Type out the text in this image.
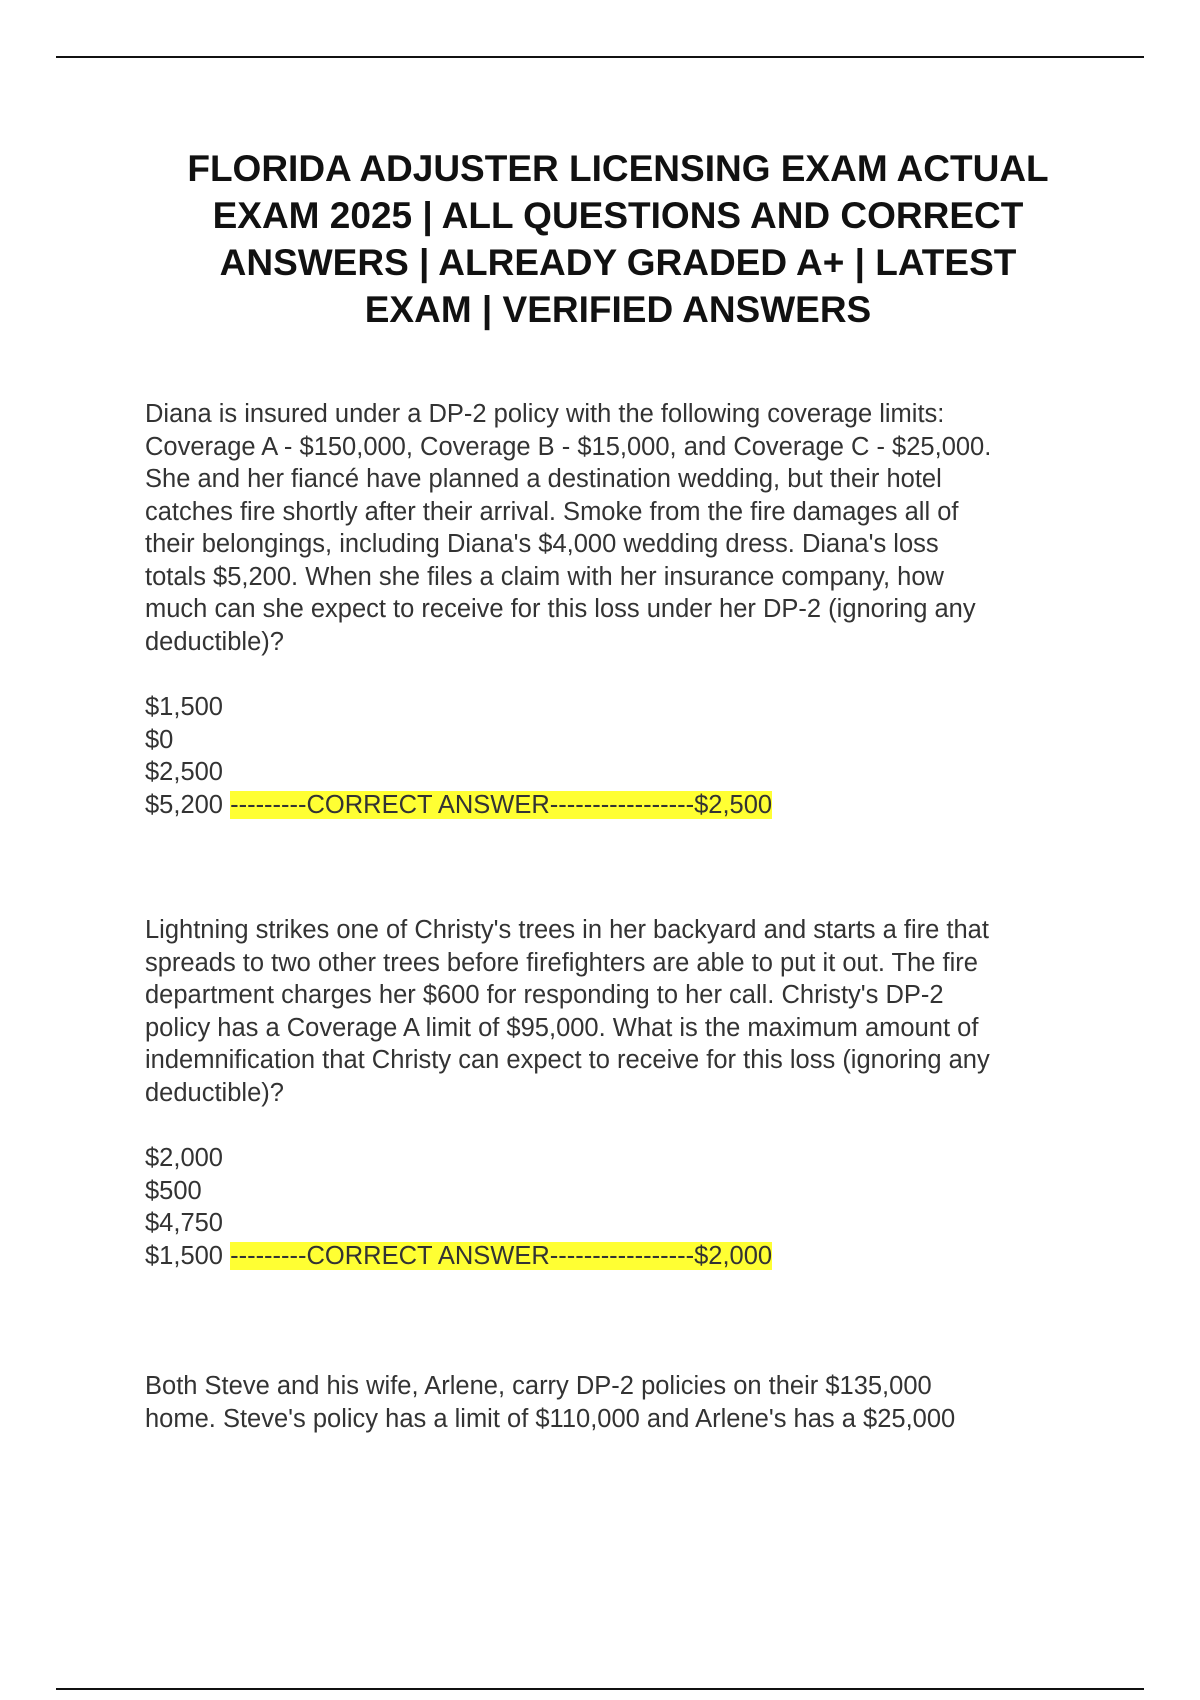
FLORIDA ADJUSTER LICENSING EXAM ACTUAL
EXAM 2025 | ALL QUESTIONS AND CORRECT
ANSWERS | ALREADY GRADED A+ | LATEST
EXAM | VERIFIED ANSWERS

Diana is insured under a DP-2 policy with the following coverage limits:
Coverage A - $150,000, Coverage B - $15,000, and Coverage C - $25,000.
She and her fiancé have planned a destination wedding, but their hotel
catches fire shortly after their arrival. Smoke from the fire damages all of
their belongings, including Diana's $4,000 wedding dress. Diana's loss
totals $5,200. When she files a claim with her insurance company, how
much can she expect to receive for this loss under her DP-2 (ignoring any
deductible)?

$1,500
$0
$2,500
$5,200 ---------CORRECT ANSWER-----------------$2,500

Lightning strikes one of Christy's trees in her backyard and starts a fire that
spreads to two other trees before firefighters are able to put it out. The fire
department charges her $600 for responding to her call. Christy's DP-2
policy has a Coverage A limit of $95,000. What is the maximum amount of
indemnification that Christy can expect to receive for this loss (ignoring any
deductible)?

$2,000
$500
$4,750
$1,500 ---------CORRECT ANSWER-----------------$2,000

Both Steve and his wife, Arlene, carry DP-2 policies on their $135,000
home. Steve's policy has a limit of $110,000 and Arlene's has a $25,000
